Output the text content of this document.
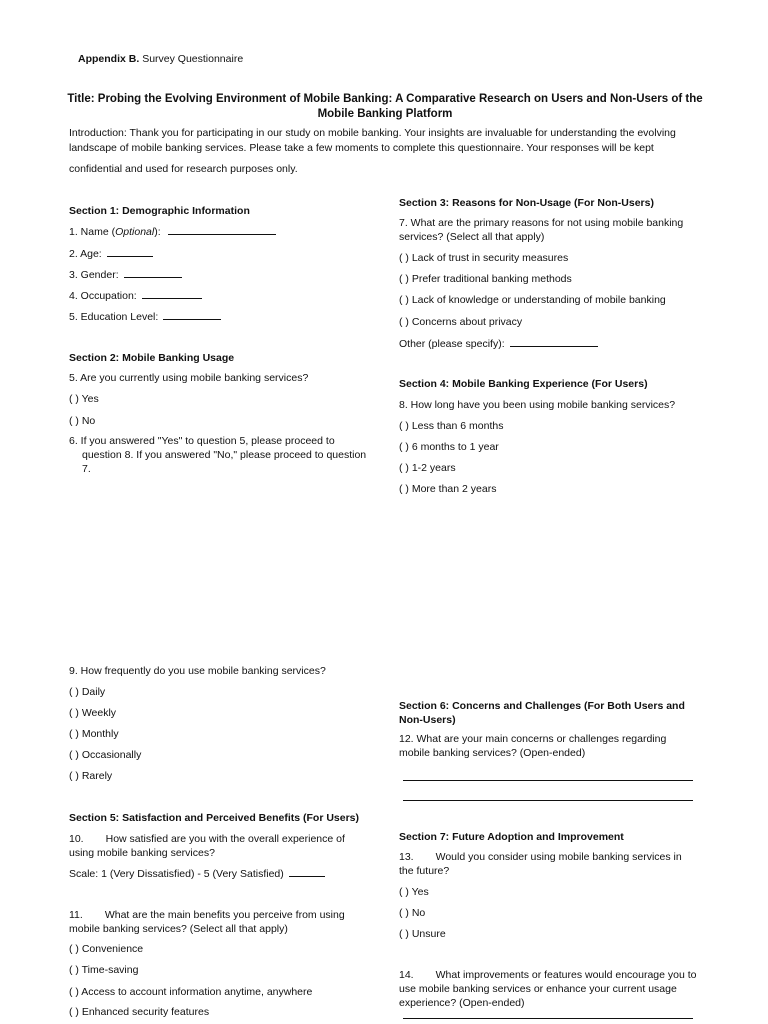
Appendix B. Survey Questionnaire
Title: Probing the Evolving Environment of Mobile Banking: A Comparative Research on Users and Non-Users of the Mobile Banking Platform
Introduction: Thank you for participating in our study on mobile banking. Your insights are invaluable for understanding the evolving landscape of mobile banking services. Please take a few moments to complete this questionnaire. Your responses will be kept
confidential and used for research purposes only.
Section 1: Demographic Information
1. Name (Optional):
2. Age:
3. Gender:
4. Occupation:
5. Education Level:
Section 2: Mobile Banking Usage
5. Are you currently using mobile banking services?
( ) Yes
( ) No
6. If you answered "Yes" to question 5, please proceed to question 8. If you answered "No," please proceed to question 7.
9. How frequently do you use mobile banking services?
( ) Daily
( ) Weekly
( ) Monthly
( ) Occasionally
( ) Rarely
Section 5: Satisfaction and Perceived Benefits (For Users)
10. How satisfied are you with the overall experience of using mobile banking services?
Scale: 1 (Very Dissatisfied) - 5 (Very Satisfied)
11. What are the main benefits you perceive from using mobile banking services? (Select all that apply)
( ) Convenience
( ) Time-saving
( ) Access to account information anytime, anywhere
( ) Enhanced security features
Section 3: Reasons for Non-Usage (For Non-Users)
7. What are the primary reasons for not using mobile banking services? (Select all that apply)
( ) Lack of trust in security measures
( ) Prefer traditional banking methods
( ) Lack of knowledge or understanding of mobile banking
( ) Concerns about privacy
Other (please specify):
Section 4: Mobile Banking Experience (For Users)
8. How long have you been using mobile banking services?
( ) Less than 6 months
( ) 6 months to 1 year
( ) 1-2 years
( ) More than 2 years
Section 6: Concerns and Challenges (For Both Users and Non-Users)
12. What are your main concerns or challenges regarding mobile banking services? (Open-ended)
Section 7: Future Adoption and Improvement
13. Would you consider using mobile banking services in the future?
( ) Yes
( ) No
( ) Unsure
14. What improvements or features would encourage you to use mobile banking services or enhance your current usage experience? (Open-ended)
